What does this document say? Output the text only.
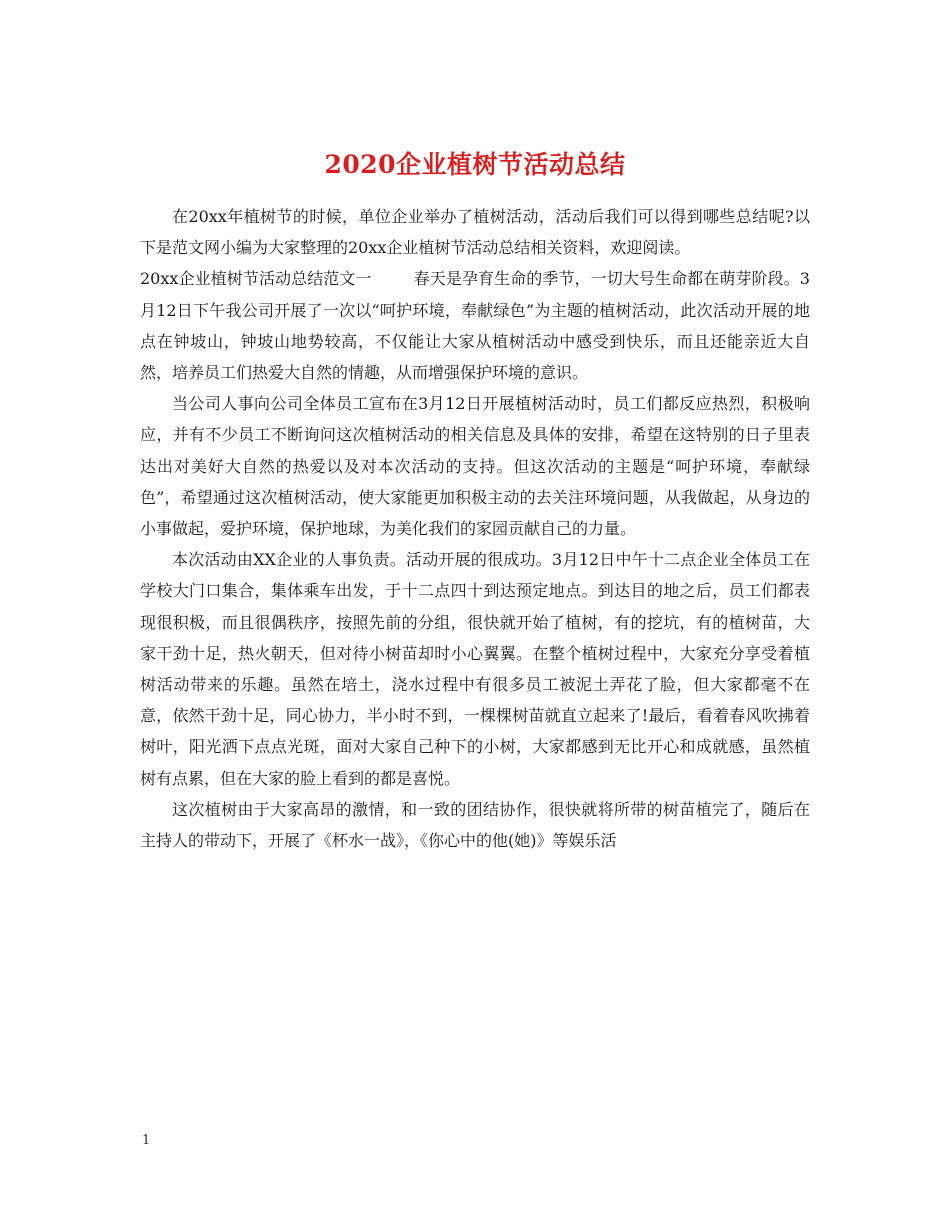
2020企业植树节活动总结

在20xx年植树节的时候，单位企业举办了植树活动，活动后我们可以得到哪些总结呢?以下是范文网小编为大家整理的20xx企业植树节活动总结相关资料，欢迎阅读。

20xx企业植树节活动总结范文一	春天是孕育生命的季节，一切大号生命都在萌芽阶段。3月12日下午我公司开展了一次以“呵护环境，奉献绿色”为主题的植树活动，此次活动开展的地点在钟坡山，钟坡山地势较高，不仅能让大家从植树活动中感受到快乐，而且还能亲近大自然，培养员工们热爱大自然的情趣，从而增强保护环境的意识。

当公司人事向公司全体员工宣布在3月12日开展植树活动时，员工们都反应热烈，积极响应，并有不少员工不断询问这次植树活动的相关信息及具体的安排，希望在这特别的日子里表达出对美好大自然的热爱以及对本次活动的支持。但这次活动的主题是“呵护环境，奉献绿色”，希望通过这次植树活动，使大家能更加积极主动的去关注环境问题，从我做起，从身边的小事做起，爱护环境，保护地球，为美化我们的家园贡献自己的力量。

本次活动由XX企业的人事负责。活动开展的很成功。3月12日中午十二点企业全体员工在学校大门口集合，集体乘车出发，于十二点四十到达预定地点。到达目的地之后，员工们都表现很积极，而且很偶秩序，按照先前的分组，很快就开始了植树，有的挖坑，有的植树苗，大家干劲十足，热火朝天，但对待小树苗却时小心翼翼。在整个植树过程中，大家充分享受着植树活动带来的乐趣。虽然在培土，浇水过程中有很多员工被泥土弄花了脸，但大家都毫不在意，依然干劲十足，同心协力，半小时不到，一棵棵树苗就直立起来了!最后，看着春风吹拂着树叶，阳光洒下点点光斑，面对大家自己种下的小树，大家都感到无比开心和成就感，虽然植树有点累，但在大家的脸上看到的都是喜悦。

这次植树由于大家高昂的激情，和一致的团结协作，很快就将所带的树苗植完了，随后在主持人的带动下，开展了《杯水一战》，《你心中的他(她)》等娱乐活

1
